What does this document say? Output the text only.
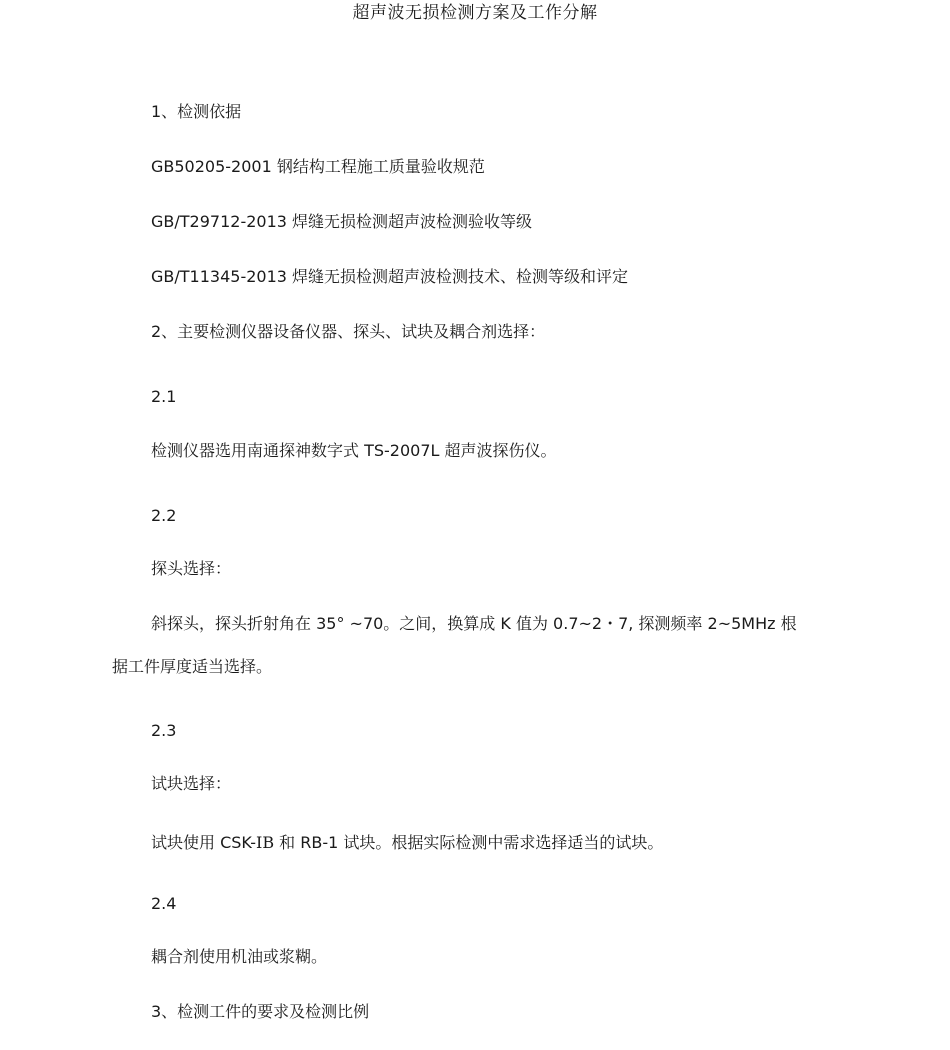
超声波无损检测方案及工作分解
1、检测依据
GB50205-2001 钢结构工程施工质量验收规范
GB/T29712-2013 焊缝无损检测超声波检测验收等级
GB/T11345-2013 焊缝无损检测超声波检测技术、检测等级和评定
2、主要检测仪器设备仪器、探头、试块及耦合剂选择：
2.1
检测仪器选用南通探神数字式 TS-2007L 超声波探伤仪。
2.2
探头选择：
斜探头，探头折射角在 35° ~70。之间，换算成 K 值为 0.7~2・7, 探测频率 2~5MHz 根
据工件厚度适当选择。
2.3
试块选择：
试块使用 CSK-IB 和 RB-1 试块。根据实际检测中需求选择适当的试块。
2.4
耦合剂使用机油或浆糊。
3、检测工件的要求及检测比例
